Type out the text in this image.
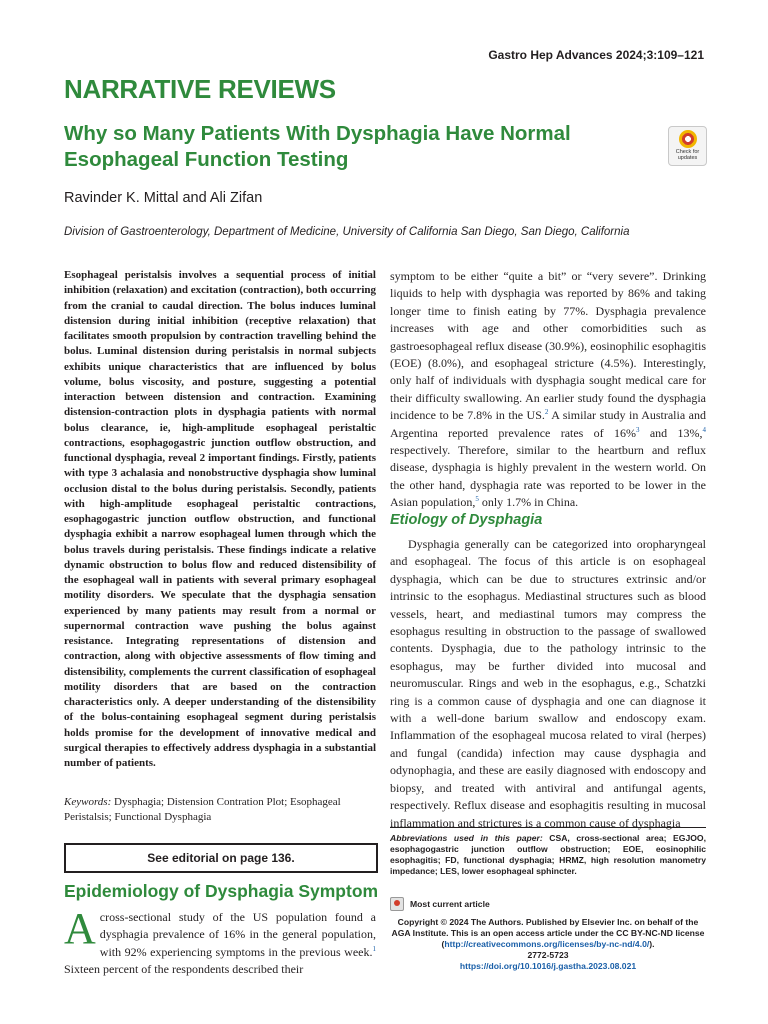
Gastro Hep Advances 2024;3:109–121
NARRATIVE REVIEWS
Why so Many Patients With Dysphagia Have Normal Esophageal Function Testing	Check for updates

Ravinder K. Mittal and Ali Zifan

Division of Gastroenterology, Department of Medicine, University of California San Diego, San Diego, California

Esophageal peristalsis involves a sequential process of initial inhibition (relaxation) and excitation (contraction), both occurring from the cranial to caudal direction. The bolus induces luminal distension during initial inhibition (receptive relaxation) that facilitates smooth propulsion by contraction travelling behind the bolus. Luminal distension during peristalsis in normal subjects exhibits unique characteristics that are influenced by bolus volume, bolus viscosity, and posture, suggesting a potential interaction between distension and contraction. Examining distension-contraction plots in dysphagia patients with normal bolus clearance, ie, high-amplitude esophageal peristaltic contractions, esophagogastric junction outflow obstruction, and functional dysphagia, reveal 2 important findings. Firstly, patients with type 3 achalasia and nonobstructive dysphagia show luminal occlusion distal to the bolus during peristalsis. Secondly, patients with high-amplitude esophageal peristaltic contractions, esophagogastric junction outflow obstruction, and functional dysphagia exhibit a narrow esophageal lumen through which the bolus travels during peristalsis. These findings indicate a relative dynamic obstruction to bolus flow and reduced distensibility of the esophageal wall in patients with several primary esophageal motility disorders. We speculate that the dysphagia sensation experienced by many patients may result from a normal or supernormal contraction wave pushing the bolus against resistance. Integrating representations of distension and contraction, along with objective assessments of flow timing and distensibility, complements the current classification of esophageal motility disorders that are based on the contraction characteristics only. A deeper understanding of the distensibility of the bolus-containing esophageal segment during peristalsis holds promise for the development of innovative medical and surgical therapies to effectively address dysphagia in a substantial number of patients.

Keywords: Dysphagia; Distension Contration Plot; Esophageal Peristalsis; Functional Dysphagia

See editorial on page 136.
Epidemiology of Dysphagia Symptom

Across-sectional study of the US population found a dysphagia prevalence of 16% in the general population, with 92% experiencing symptoms in the previous week.$^1$ Sixteen percent of the respondents described their

symptom to be either “quite a bit” or “very severe”. Drinking liquids to help with dysphagia was reported by 86% and taking longer time to finish eating by 77%. Dysphagia prevalence increases with age and other comorbidities such as gastroesophageal reflux disease (30.9%), eosinophilic esophagitis (EOE) (8.0%), and esophageal stricture (4.5%). Interestingly, only half of individuals with dysphagia sought medical care for their difficulty swallowing. An earlier study found the dysphagia incidence to be 7.8% in the US.$^2$ A similar study in Australia and Argentina reported prevalence rates of 16%$^3$ and 13%,$^4$ respectively. Therefore, similar to the heartburn and reflux disease, dysphagia is highly prevalent in the western world. On the other hand, dysphagia rate was reported to be lower in the Asian population,$^5$ only 1.7% in China.

Etiology of Dysphagia

Dysphagia generally can be categorized into oropharyngeal and esophageal. The focus of this article is on esophageal dysphagia, which can be due to structures extrinsic and/or intrinsic to the esophagus. Mediastinal structures such as blood vessels, heart, and mediastinal tumors may compress the esophagus resulting in obstruction to the passage of swallowed contents. Dysphagia, due to the pathology intrinsic to the esophagus, may be further divided into mucosal and neuromuscular. Rings and web in the esophagus, e.g., Schatzki ring is a common cause of dysphagia and one can diagnose it with a well-done barium swallow and endoscopy exam. Inflammation of the esophageal mucosa related to viral (herpes) and fungal (candida) infection may cause dysphagia and odynophagia, and these are easily diagnosed with endoscopy and biopsy, and treated with antiviral and antifungal agents, respectively. Reflux disease and esophagitis resulting in mucosal inflammation and strictures is a common cause of dysphagia

Abbreviations used in this paper: CSA, cross-sectional area; EGJOO, esophagogastric junction outflow obstruction; EOE, eosinophilic esophagitis; FD, functional dysphagia; HRMZ, high resolution manometry impedance; LES, lower esophageal sphincter.

Most current article

Copyright © 2024 The Authors. Published by Elsevier Inc. on behalf of the AGA Institute. This is an open access article under the CC BY-NC-ND license (http://creativecommons.org/licenses/by-nc-nd/4.0/).
2772-5723
https://doi.org/10.1016/j.gastha.2023.08.021
